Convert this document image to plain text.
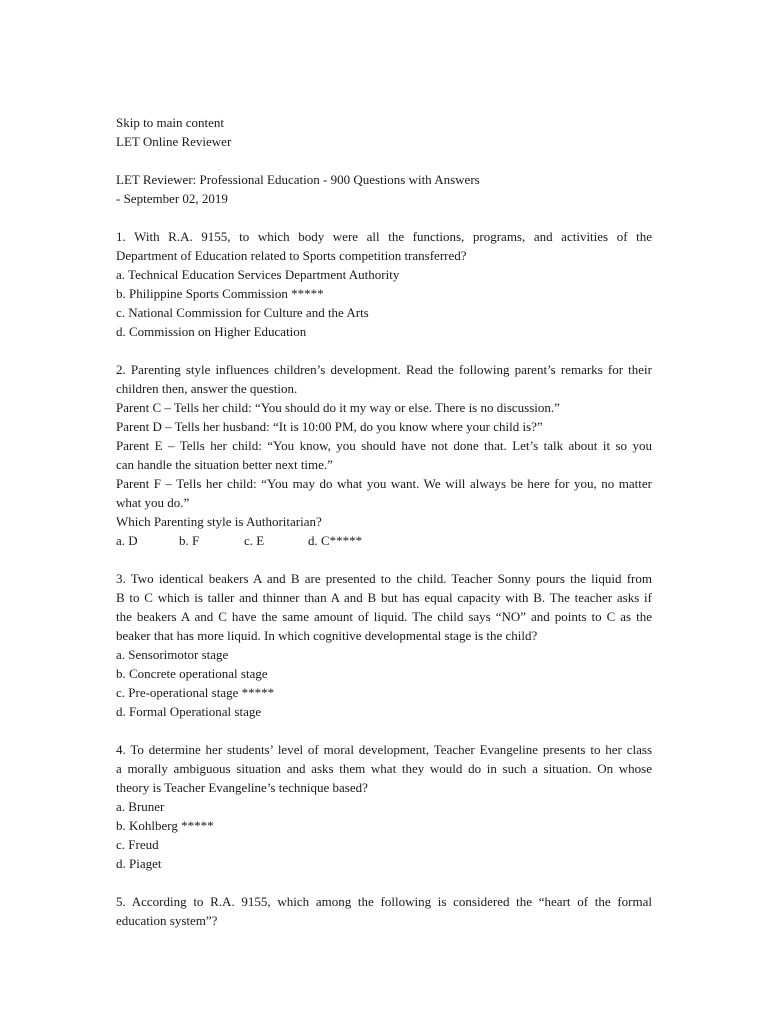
Skip to main content
LET Online Reviewer
LET Reviewer: Professional Education - 900 Questions with Answers
- September 02, 2019
1. With R.A. 9155, to which body were all the functions, programs, and activities of the
Department of Education related to Sports competition transferred?
a. Technical Education Services Department Authority
b. Philippine Sports Commission *****
c. National Commission for Culture and the Arts
d. Commission on Higher Education
2. Parenting style influences children’s development. Read the following parent’s remarks for their
children then, answer the question.
Parent C – Tells her child: “You should do it my way or else. There is no discussion.”
Parent D – Tells her husband: “It is 10:00 PM, do you know where your child is?”
Parent E – Tells her child: “You know, you should have not done that. Let’s talk about it so you
can handle the situation better next time.”
Parent F – Tells her child: “You may do what you want. We will always be here for you, no matter
what you do.”
Which Parenting style is Authoritarian?
a. D	b. F	c. E	d. C*****
3. Two identical beakers A and B are presented to the child. Teacher Sonny pours the liquid from
B to C which is taller and thinner than A and B but has equal capacity with B. The teacher asks if
the beakers A and C have the same amount of liquid. The child says “NO” and points to C as the
beaker that has more liquid. In which cognitive developmental stage is the child?
a. Sensorimotor stage
b. Concrete operational stage
c. Pre-operational stage *****
d. Formal Operational stage
4. To determine her students’ level of moral development, Teacher Evangeline presents to her class
a morally ambiguous situation and asks them what they would do in such a situation. On whose
theory is Teacher Evangeline’s technique based?
a. Bruner
b. Kohlberg *****
c. Freud
d. Piaget
5. According to R.A. 9155, which among the following is considered the “heart of the formal
education system”?
